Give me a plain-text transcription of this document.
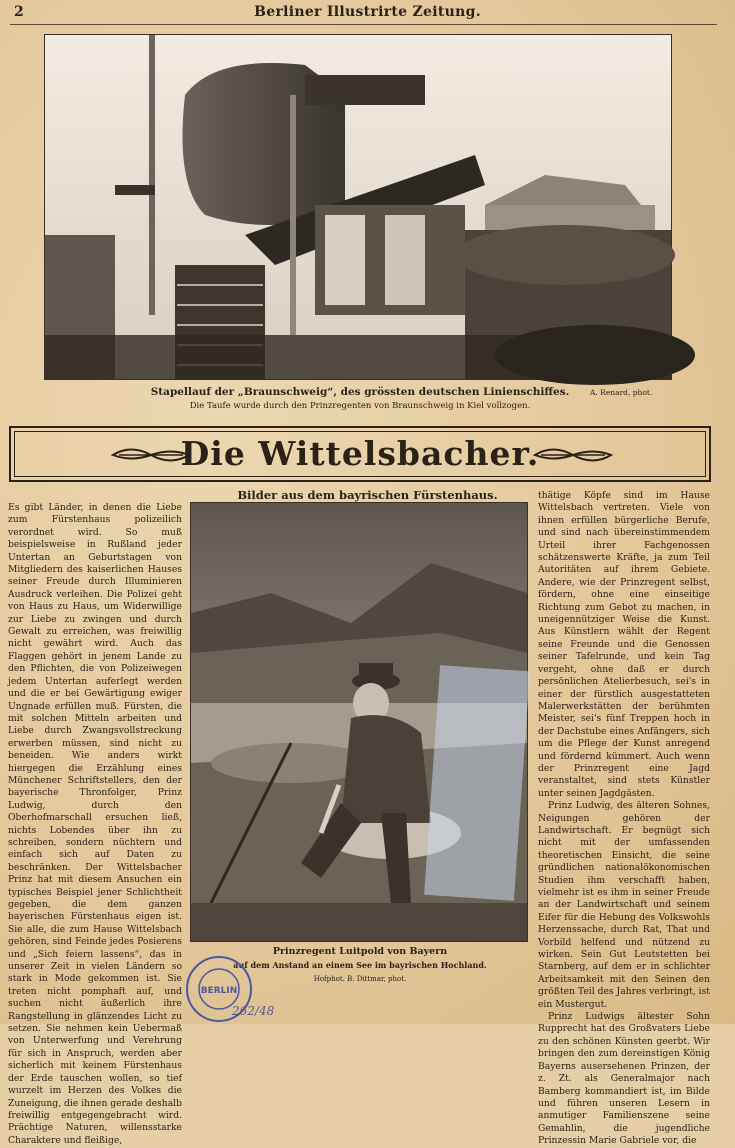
2	Berliner Illustrirte Zeitung.
Stapellauf der „Braunschweig“, des grössten deutschen Linienschiffes.	A. Renard, phot.
Die Taufe wurde durch den Prinzregenten von Braunschweig in Kiel vollzogen.
Die Wittelsbacher.
Bilder aus dem bayrischen Fürstenhaus.

Es gibt Länder, in denen die Liebe zum Fürstenhaus polizeilich verordnet wird. So muß beispielsweise in Rußland jeder Untertan an Geburtstagen von Mitgliedern des kaiserlichen Hauses seiner Freude durch Illuminieren Ausdruck verleihen. Die Polizei geht von Haus zu Haus, um Widerwillige zur Liebe zu zwingen und durch Gewalt zu erreichen, was freiwillig nicht gewährt wird. Auch das Flaggen gehört in jenem Lande zu den Pflichten, die von Polizeiwegen jedem Untertan auferlegt werden und die er bei Gewärtigung ewiger Ungnade erfüllen muß. Fürsten, die mit solchen Mitteln arbeiten und Liebe durch Zwangsvollstreckung erwerben müssen, sind nicht zu beneiden. Wie anders wirkt hiergegen die Erzählung eines Münchener Schriftstellers, den der bayerische Thronfolger, Prinz Ludwig, durch den Oberhofmarschall ersuchen ließ, nichts Lobendes über ihn zu schreiben, sondern nüchtern und einfach sich auf Daten zu beschränken. Der Wittelsbacher Prinz hat mit diesem Ansuchen ein typisches Beispiel jener Schlichtheit gegeben, die dem ganzen bayerischen Fürstenhaus eigen ist. Sie alle, die zum Hause Wittelsbach gehören, sind Feinde jedes Posierens und „Sich feiern lassens“, das in unserer Zeit in vielen Ländern so stark in Mode gekommen ist. Sie treten nicht pomphaft auf, und suchen nicht äußerlich ihre Rangstellung in glänzendes Licht zu setzen. Sie nehmen kein Uebermaß von Unterwerfung und Verehrung für sich in Anspruch, werden aber sicherlich mit keinem Fürstenhaus der Erde tauschen wollen, so tief wurzelt im Herzen des Volkes die Zuneigung, die ihnen gerade deshalb freiwillig entgegengebracht wird. Prächtige Naturen, willensstarke Charaktere und fleißige,

Prinzregent Luitpold von Bayern
auf dem Anstand an einem See im bayrischen Hochland.
Hofphot. B. Dittmar, phot.

thätige Köpfe sind im Hause Wittelsbach vertreten. Viele von ihnen erfüllen bürgerliche Berufe, und sind nach übereinstimmendem Urteil ihrer Fachgenossen schätzenswerte Kräfte, ja zum Teil Autoritäten auf ihrem Gebiete. Andere, wie der Prinzregent selbst, fördern, ohne eine einseitige Richtung zum Gebot zu machen, in uneigennütziger Weise die Kunst. Aus Künstlern wählt der Regent seine Freunde und die Genossen seiner Tafelrunde, und kein Tag vergeht, ohne daß er durch persönlichen Atelierbesuch, sei's in einer der fürstlich ausgestatteten Malerwerkstätten der berühmten Meister, sei's fünf Treppen hoch in der Dachstube eines Anfängers, sich um die Pflege der Kunst anregend und fördernd kümmert. Auch wenn der Prinzregent eine Jagd veranstaltet, sind stets Künstler unter seinen Jagdgästen.

Prinz Ludwig, des älteren Sohnes, Neigungen gehören der Landwirtschaft. Er begnügt sich nicht mit der umfassenden theoretischen Einsicht, die seine gründlichen nationalökonomischen Studien ihm verschafft haben, vielmehr ist es ihm in seiner Freude an der Landwirtschaft und seinem Eifer für die Hebung des Volkswohls Herzenssache, durch Rat, That und Vorbild helfend und nützend zu wirken. Sein Gut Leutstetten bei Starnberg, auf dem er in schlichter Arbeitsamkeit mit den Seinen den größten Teil des Jahres verbringt, ist ein Mustergut.

Prinz Ludwigs ältester Sohn Rupprecht hat des Großvaters Liebe zu den schönen Künsten geerbt. Wir bringen den zum dereinstigen König Bayerns ausersehenen Prinzen, der z. Zt. als Generalmajor nach Bamberg kommandiert ist, im Bilde und führen unseren Lesern in anmutiger Familienszene seine Gemahlin, die jugendliche Prinzessin Marie Gabriele vor, die

BERLIN
262/48
